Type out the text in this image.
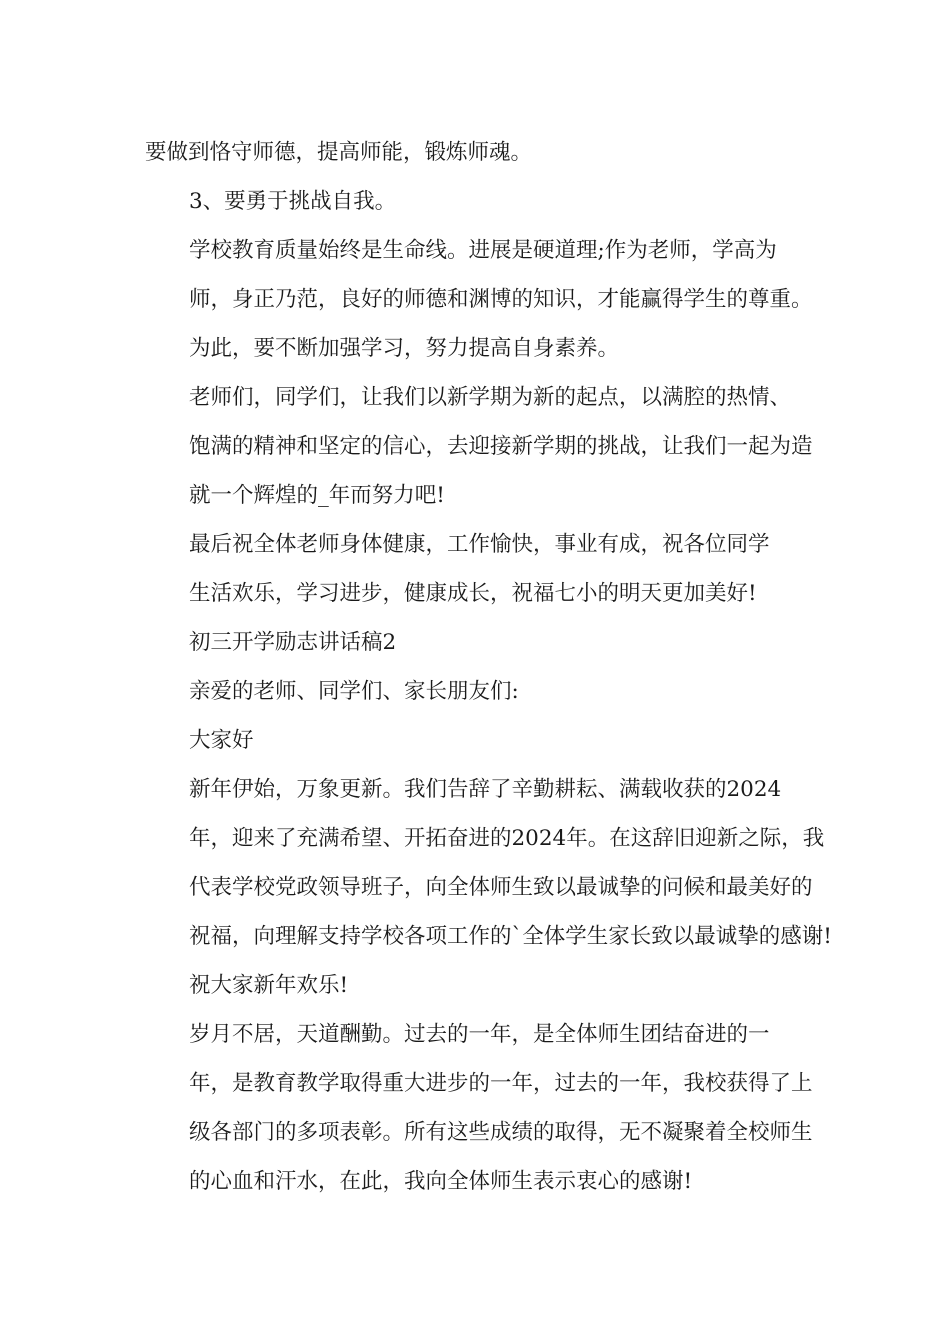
要做到恪守师德，提高师能，锻炼师魂。

3、要勇于挑战自我。

学校教育质量始终是生命线。进展是硬道理;作为老师，学高为
师，身正乃范，良好的师德和渊博的知识，才能赢得学生的尊重。
为此，要不断加强学习，努力提高自身素养。

老师们，同学们，让我们以新学期为新的起点，以满腔的热情、
饱满的精神和坚定的信心，去迎接新学期的挑战，让我们一起为造
就一个辉煌的_年而努力吧!

最后祝全体老师身体健康，工作愉快，事业有成，祝各位同学
生活欢乐，学习进步，健康成长，祝福七小的明天更加美好!

初三开学励志讲话稿2

亲爱的老师、同学们、家长朋友们:

大家好

新年伊始，万象更新。我们告辞了辛勤耕耘、满载收获的2024
年，迎来了充满希望、开拓奋进的2024年。在这辞旧迎新之际，我
代表学校党政领导班子，向全体师生致以最诚挚的问候和最美好的
祝福，向理解支持学校各项工作的`全体学生家长致以最诚挚的感谢!
祝大家新年欢乐!

岁月不居，天道酬勤。过去的一年，是全体师生团结奋进的一
年，是教育教学取得重大进步的一年，过去的一年，我校获得了上
级各部门的多项表彰。所有这些成绩的取得，无不凝聚着全校师生
的心血和汗水，在此，我向全体师生表示衷心的感谢!
